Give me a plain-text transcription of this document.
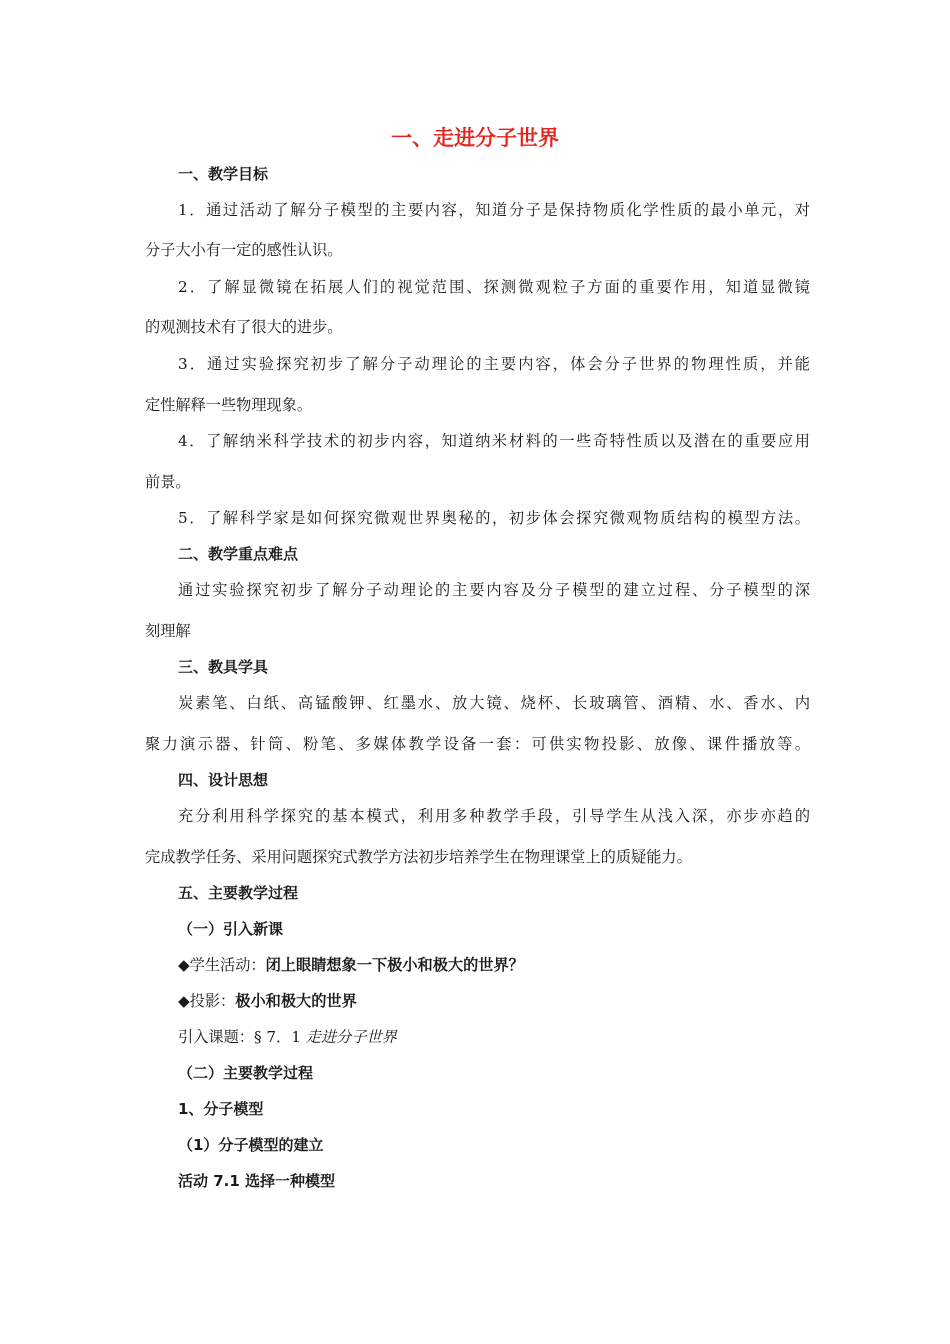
一、走进分子世界

一、教学目标

1．通过活动了解分子模型的主要内容，知道分子是保持物质化学性质的最小单元，对

分子大小有一定的感性认识。

2．了解显微镜在拓展人们的视觉范围、探测微观粒子方面的重要作用，知道显微镜

的观测技术有了很大的进步。

3．通过实验探究初步了解分子动理论的主要内容，体会分子世界的物理性质，并能

定性解释一些物理现象。

4．了解纳米科学技术的初步内容，知道纳米材料的一些奇特性质以及潜在的重要应用

前景。

5．了解科学家是如何探究微观世界奥秘的，初步体会探究微观物质结构的模型方法。

二、教学重点难点

通过实验探究初步了解分子动理论的主要内容及分子模型的建立过程、分子模型的深

刻理解

三、教具学具

炭素笔、白纸、高锰酸钾、红墨水、放大镜、烧杯、长玻璃管、酒精、水、香水、内

聚力演示器、针筒、粉笔、多媒体教学设备一套：可供实物投影、放像、课件播放等。

四、设计思想

充分利用科学探究的基本模式，利用多种教学手段，引导学生从浅入深，亦步亦趋的

完成教学任务、采用问题探究式教学方法初步培养学生在物理课堂上的质疑能力。

五、主要教学过程

（一）引入新课

◆学生活动：闭上眼睛想象一下极小和极大的世界？

◆投影：极小和极大的世界

引入课题：§ 7．1 走进分子世界

（二）主要教学过程

1、分子模型

（1）分子模型的建立

活动 7.1 选择一种模型
